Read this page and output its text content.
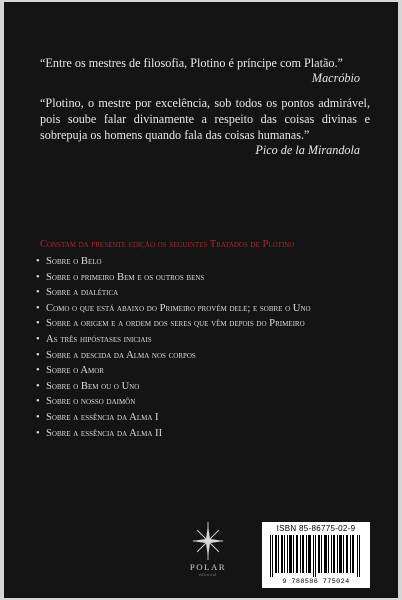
“Entre os mestres de filosofia, Plotino é príncipe com Platão.”
Macróbio
“Plotino, o mestre por excelência, sob todos os pontos admirável, pois soube falar divinamente a respeito das coisas divinas e sobrepuja os homens quando fala das coisas humanas.”
Pico de la Mirandola
Constam da presente edição os seguintes Tratados de Plotino
• Sobre o Belo
• Sobre o primeiro Bem e os outros bens
• Sobre a dialética
• Como o que está abaixo do Primeiro provém dele; e sobre o Uno
• Sobre a origem e a ordem dos seres que vêm depois do Primeiro
• As três hipóstases iniciais
• Sobre a descida da Alma nos corpos
• Sobre o Amor
• Sobre o Bem ou o Uno
• Sobre o nosso daimôn
• Sobre a essência da Alma I
• Sobre a essência da Alma II
POLAR
editorial
ISBN 85-86775-02-9
9 788586 775024
